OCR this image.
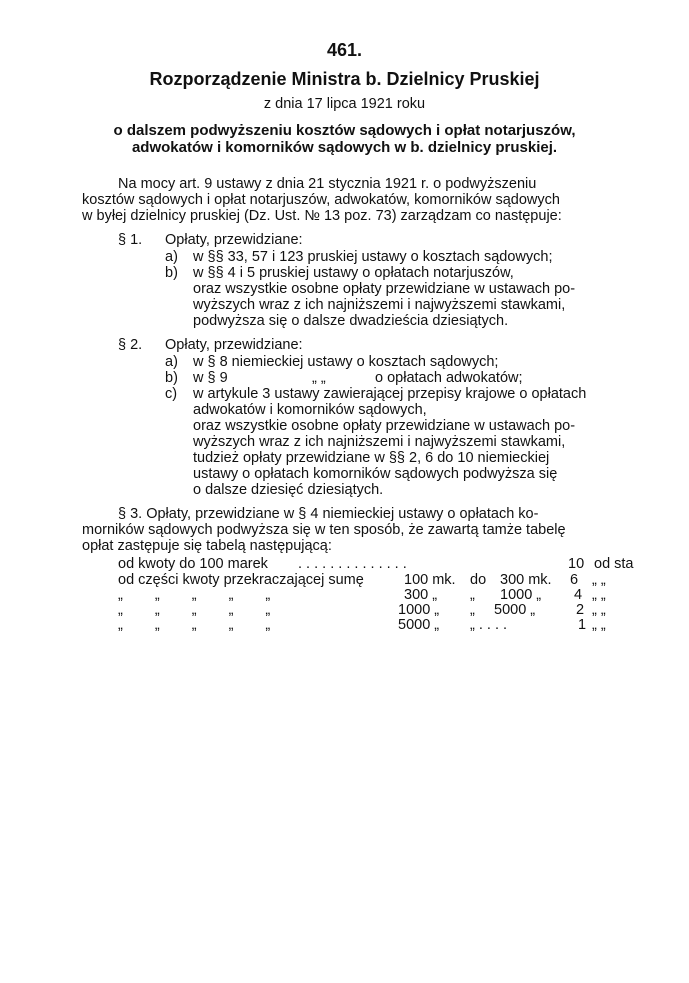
461.
Rozporządzenie Ministra b. Dzielnicy Pruskiej
z dnia 17 lipca 1921 roku
o dalszem podwyższeniu kosztów sądowych i opłat notarjuszów,
adwokatów i komorników sądowych w b. dzielnicy pruskiej.
Na mocy art. 9 ustawy z dnia 21 stycznia 1921 r. o podwyższeniu
kosztów sądowych i opłat notarjuszów, adwokatów, komorników sądowych
w byłej dzielnicy pruskiej (Dz. Ust. № 13 poz. 73) zarządzam co następuje:
§ 1. Opłaty, przewidziane:
a) w §§ 33, 57 i 123 pruskiej ustawy o kosztach sądowych;
b) w §§ 4 i 5 pruskiej ustawy o opłatach notarjuszów,
oraz wszystkie osobne opłaty przewidziane w ustawach po-
wyższych wraz z ich najniższemi i najwyższemi stawkami,
podwyższa się o dalsze dwadzieścia dziesiątych.
§ 2. Opłaty, przewidziane:
a) w § 8 niemieckiej ustawy o kosztach sądowych;
b) w § 9	„ „	o opłatach adwokatów;
c) w artykule 3 ustawy zawierającej przepisy krajowe o opłatach
adwokatów i komorników sądowych,
oraz wszystkie osobne opłaty przewidziane w ustawach po-
wyższych wraz z ich najniższemi i najwyższemi stawkami,
tudzież opłaty przewidziane w §§ 2, 6 do 10 niemieckiej
ustawy o opłatach komorników sądowych podwyższa się
o dalsze dziesięć dziesiątych.
§ 3. Opłaty, przewidziane w § 4 niemieckiej ustawy o opłatach ko-
morników sądowych podwyższa się w ten sposób, że zawartą tamże tabelę
opłat zastępuje się tabelą następującą:
od kwoty do 100 marek . . . . . . . . . . . . . .	10 od sta
od części kwoty przekraczającej sumę	100 mk. do 300 mk. 6 „ „
„ „ „ „ „	300 „ „ 1000 „ 4 „ „
„ „ „ „ „	1000 „ „ 5000 „	2 „ „
„ „ „ „ „	5000 „ „ . . . .	1 „ „
